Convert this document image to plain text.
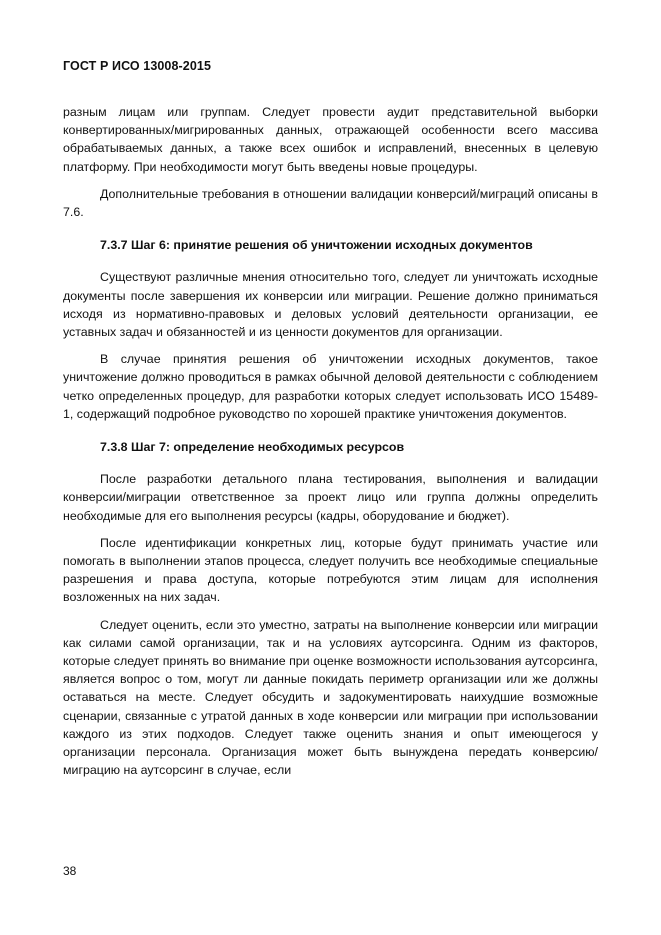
ГОСТ Р ИСО 13008-2015

разным лицам или группам. Следует провести аудит представительной выборки конвертированных/мигрированных данных, отражающей особенности всего массива обрабатываемых данных, а также всех ошибок и исправлений, внесенных в целевую платформу. При необходимости могут быть введены новые процедуры.

Дополнительные требования в отношении валидации конверсий/миграций описаны в 7.6.

7.3.7 Шаг 6: принятие решения об уничтожении исходных документов

Существуют различные мнения относительно того, следует ли уничтожать исходные документы после завершения их конверсии или миграции. Решение должно приниматься исходя из нормативно-правовых и деловых условий деятельности организации, ее уставных задач и обязанностей и из ценности документов для организации.

В случае принятия решения об уничтожении исходных документов, такое уничтожение должно проводиться в рамках обычной деловой деятельности с соблюдением четко определенных процедур, для разработки которых следует использовать ИСО 15489-1, содержащий подробное руководство по хорошей практике уничтожения документов.

7.3.8 Шаг 7: определение необходимых ресурсов

После разработки детального плана тестирования, выполнения и валидации конверсии/миграции ответственное за проект лицо или группа должны определить необходимые для его выполнения ресурсы (кадры, оборудование и бюджет).

После идентификации конкретных лиц, которые будут принимать участие или помогать в выполнении этапов процесса, следует получить все необходимые специальные разрешения и права доступа, которые потребуются этим лицам для исполнения возложенных на них задач.

Следует оценить, если это уместно, затраты на выполнение конверсии или миграции как силами самой организации, так и на условиях аутсорсинга. Одним из факторов, которые следует принять во внимание при оценке возможности использования аутсорсинга, является вопрос о том, могут ли данные покидать периметр организации или же должны оставаться на месте. Следует обсудить и задокументировать наихудшие возможные сценарии, связанные с утратой данных в ходе конверсии или миграции при использовании каждого из этих подходов. Следует также оценить знания и опыт имеющегося у организации персонала. Организация может быть вынуждена передать конверсию/миграцию на аутсорсинг в случае, если

38
